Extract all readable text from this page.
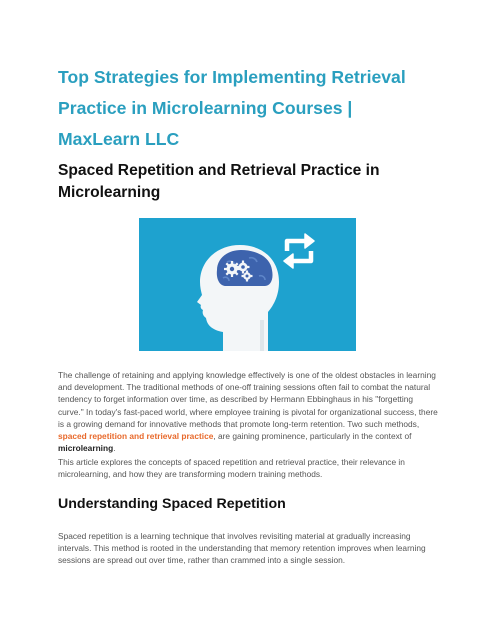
Top Strategies for Implementing Retrieval Practice in Microlearning Courses | MaxLearn LLC
Spaced Repetition and Retrieval Practice in Microlearning

The challenge of retaining and applying knowledge effectively is one of the oldest obstacles in learning and development. The traditional methods of one-off training sessions often fail to combat the natural tendency to forget information over time, as described by Hermann Ebbinghaus in his "forgetting curve." In today's fast-paced world, where employee training is pivotal for organizational success, there is a growing demand for innovative methods that promote long-term retention. Two such methods, spaced repetition and retrieval practice, are gaining prominence, particularly in the context of microlearning.

This article explores the concepts of spaced repetition and retrieval practice, their relevance in microlearning, and how they are transforming modern training methods.

Understanding Spaced Repetition

Spaced repetition is a learning technique that involves revisiting material at gradually increasing intervals. This method is rooted in the understanding that memory retention improves when learning sessions are spread out over time, rather than crammed into a single session.
